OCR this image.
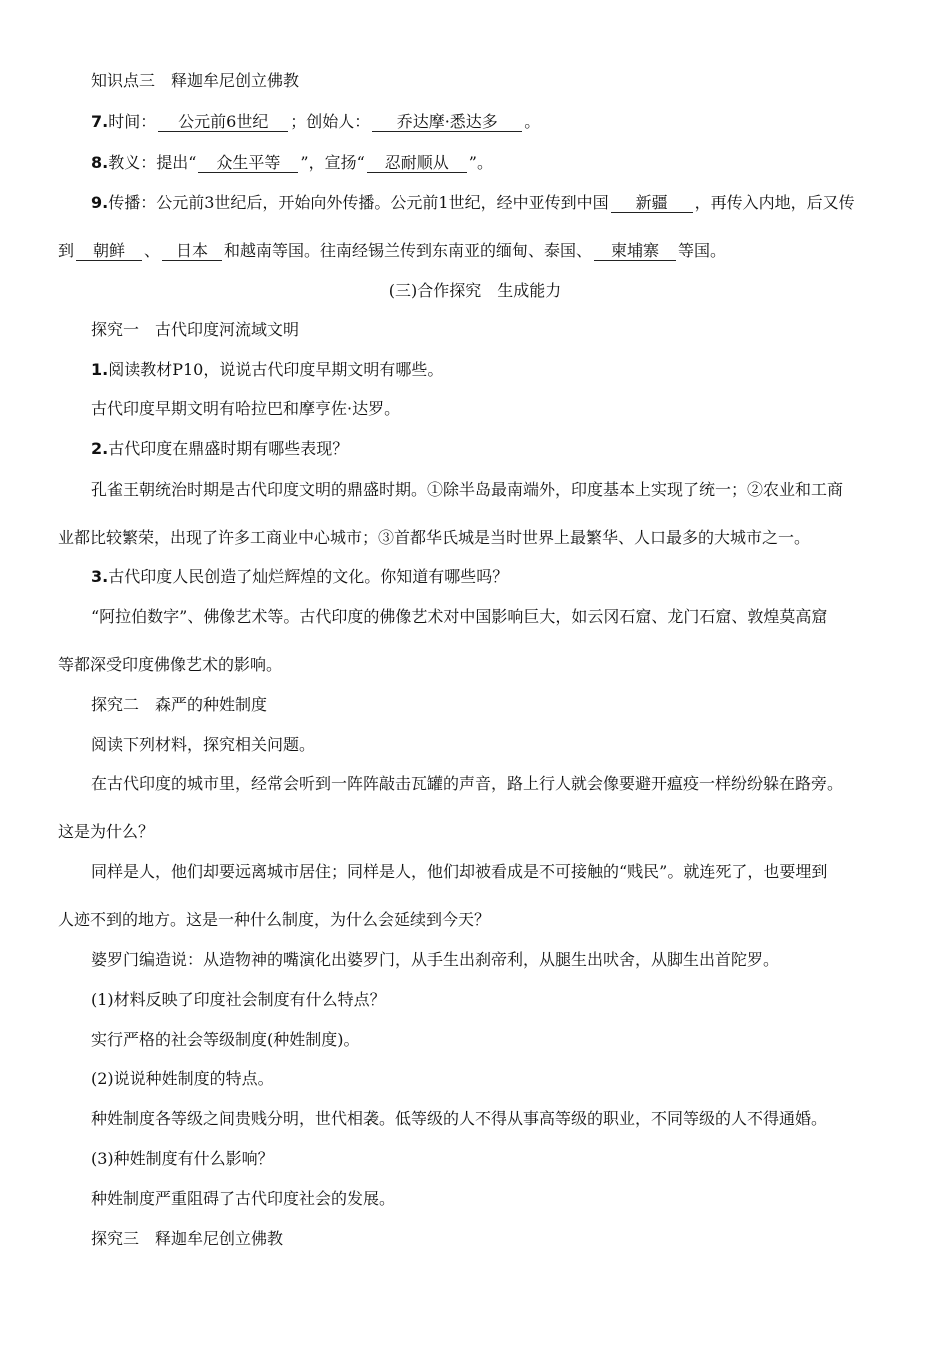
知识点三　释迦牟尼创立佛教
7.时间： 公元前6世纪 ；创始人： 乔达摩·悉达多 。
8.教义：提出“ 众生平等 ”，宣扬“ 忍耐顺从 ”。
9.传播：公元前3世纪后，开始向外传播。公元前1世纪，经中亚传到中国 新疆 ，再传入内地，后又传
到 朝鲜 、 日本 和越南等国。往南经锡兰传到东南亚的缅甸、泰国、 柬埔寨 等国。
(三)合作探究　生成能力
探究一　古代印度河流域文明
1.阅读教材P10，说说古代印度早期文明有哪些。
古代印度早期文明有哈拉巴和摩亨佐·达罗。
2.古代印度在鼎盛时期有哪些表现？
孔雀王朝统治时期是古代印度文明的鼎盛时期。①除半岛最南端外，印度基本上实现了统一；②农业和工商
业都比较繁荣，出现了许多工商业中心城市；③首都华氏城是当时世界上最繁华、人口最多的大城市之一。
3.古代印度人民创造了灿烂辉煌的文化。你知道有哪些吗？
“阿拉伯数字”、佛像艺术等。古代印度的佛像艺术对中国影响巨大，如云冈石窟、龙门石窟、敦煌莫高窟
等都深受印度佛像艺术的影响。
探究二　森严的种姓制度
阅读下列材料，探究相关问题。
在古代印度的城市里，经常会听到一阵阵敲击瓦罐的声音，路上行人就会像要避开瘟疫一样纷纷躲在路旁。
这是为什么？
同样是人，他们却要远离城市居住；同样是人，他们却被看成是不可接触的“贱民”。就连死了，也要埋到
人迹不到的地方。这是一种什么制度，为什么会延续到今天？
婆罗门编造说：从造物神的嘴演化出婆罗门，从手生出刹帝利，从腿生出吠舍，从脚生出首陀罗。
(1)材料反映了印度社会制度有什么特点？
实行严格的社会等级制度(种姓制度)。
(2)说说种姓制度的特点。
种姓制度各等级之间贵贱分明，世代相袭。低等级的人不得从事高等级的职业，不同等级的人不得通婚。
(3)种姓制度有什么影响？
种姓制度严重阻碍了古代印度社会的发展。
探究三　释迦牟尼创立佛教
